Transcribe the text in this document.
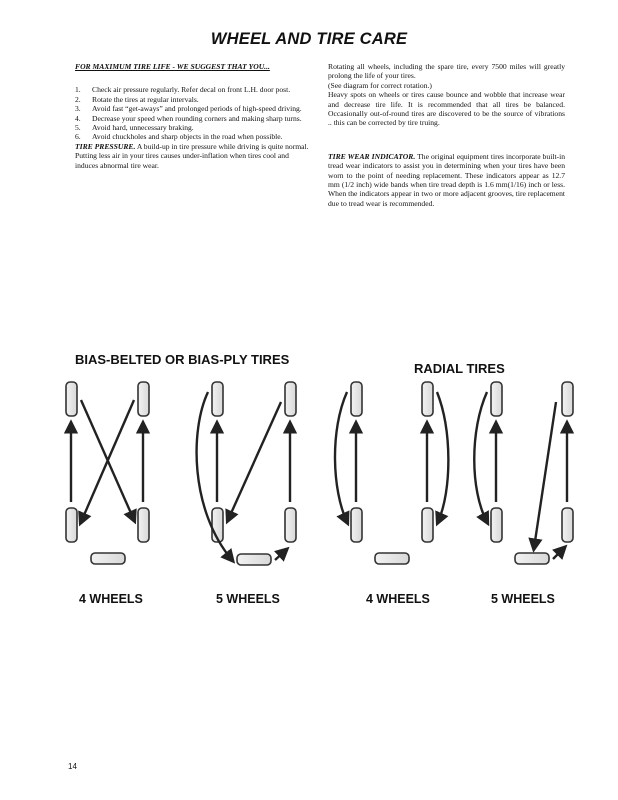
WHEEL AND TIRE CARE
FOR MAXIMUM TIRE LIFE - WE SUGGEST THAT YOU...
1. Check air pressure regularly. Refer decal on front L.H. door post.
2. Rotate the tires at regular intervals.
3. Avoid fast “get-aways” and prolonged periods of high-speed driving.
4. Decrease your speed when rounding corners and making sharp turns.
5. Avoid hard, unnecessary braking.
6. Avoid chuckholes and sharp objects in the road when possible.
TIRE PRESSURE. A build-up in tire pressure while driving is quite normal. Putting less air in your tires causes under-inflation when tires cool and induces abnormal tire wear.
Rotating all wheels, including the spare tire, every 7500 miles will greatly prolong the life of your tires.
(See diagram for correct rotation.)
Heavy spots on wheels or tires cause bounce and wobble that increase wear and decrease tire life. It is recommended that all tires be balanced. Occasionally out-of-round tires are discovered to be the source of vibrations .. this can be corrected by tire truing.
TIRE WEAR INDICATOR. The original equipment tires incorporate built-in tread wear indicators to assist you in determining when your tires have been worn to the point of needing replacement. These indicators appear as 12.7 mm (1/2 inch) wide bands when tire tread depth is 1.6 mm(1/16) inch or less. When the indicators appear in two or more adjacent grooves, tire replacement due to tread wear is recommended.
BIAS-BELTED OR BIAS-PLY TIRES
RADIAL TIRES
4 WHEELS	5 WHEELS	4 WHEELS	5 WHEELS
14
